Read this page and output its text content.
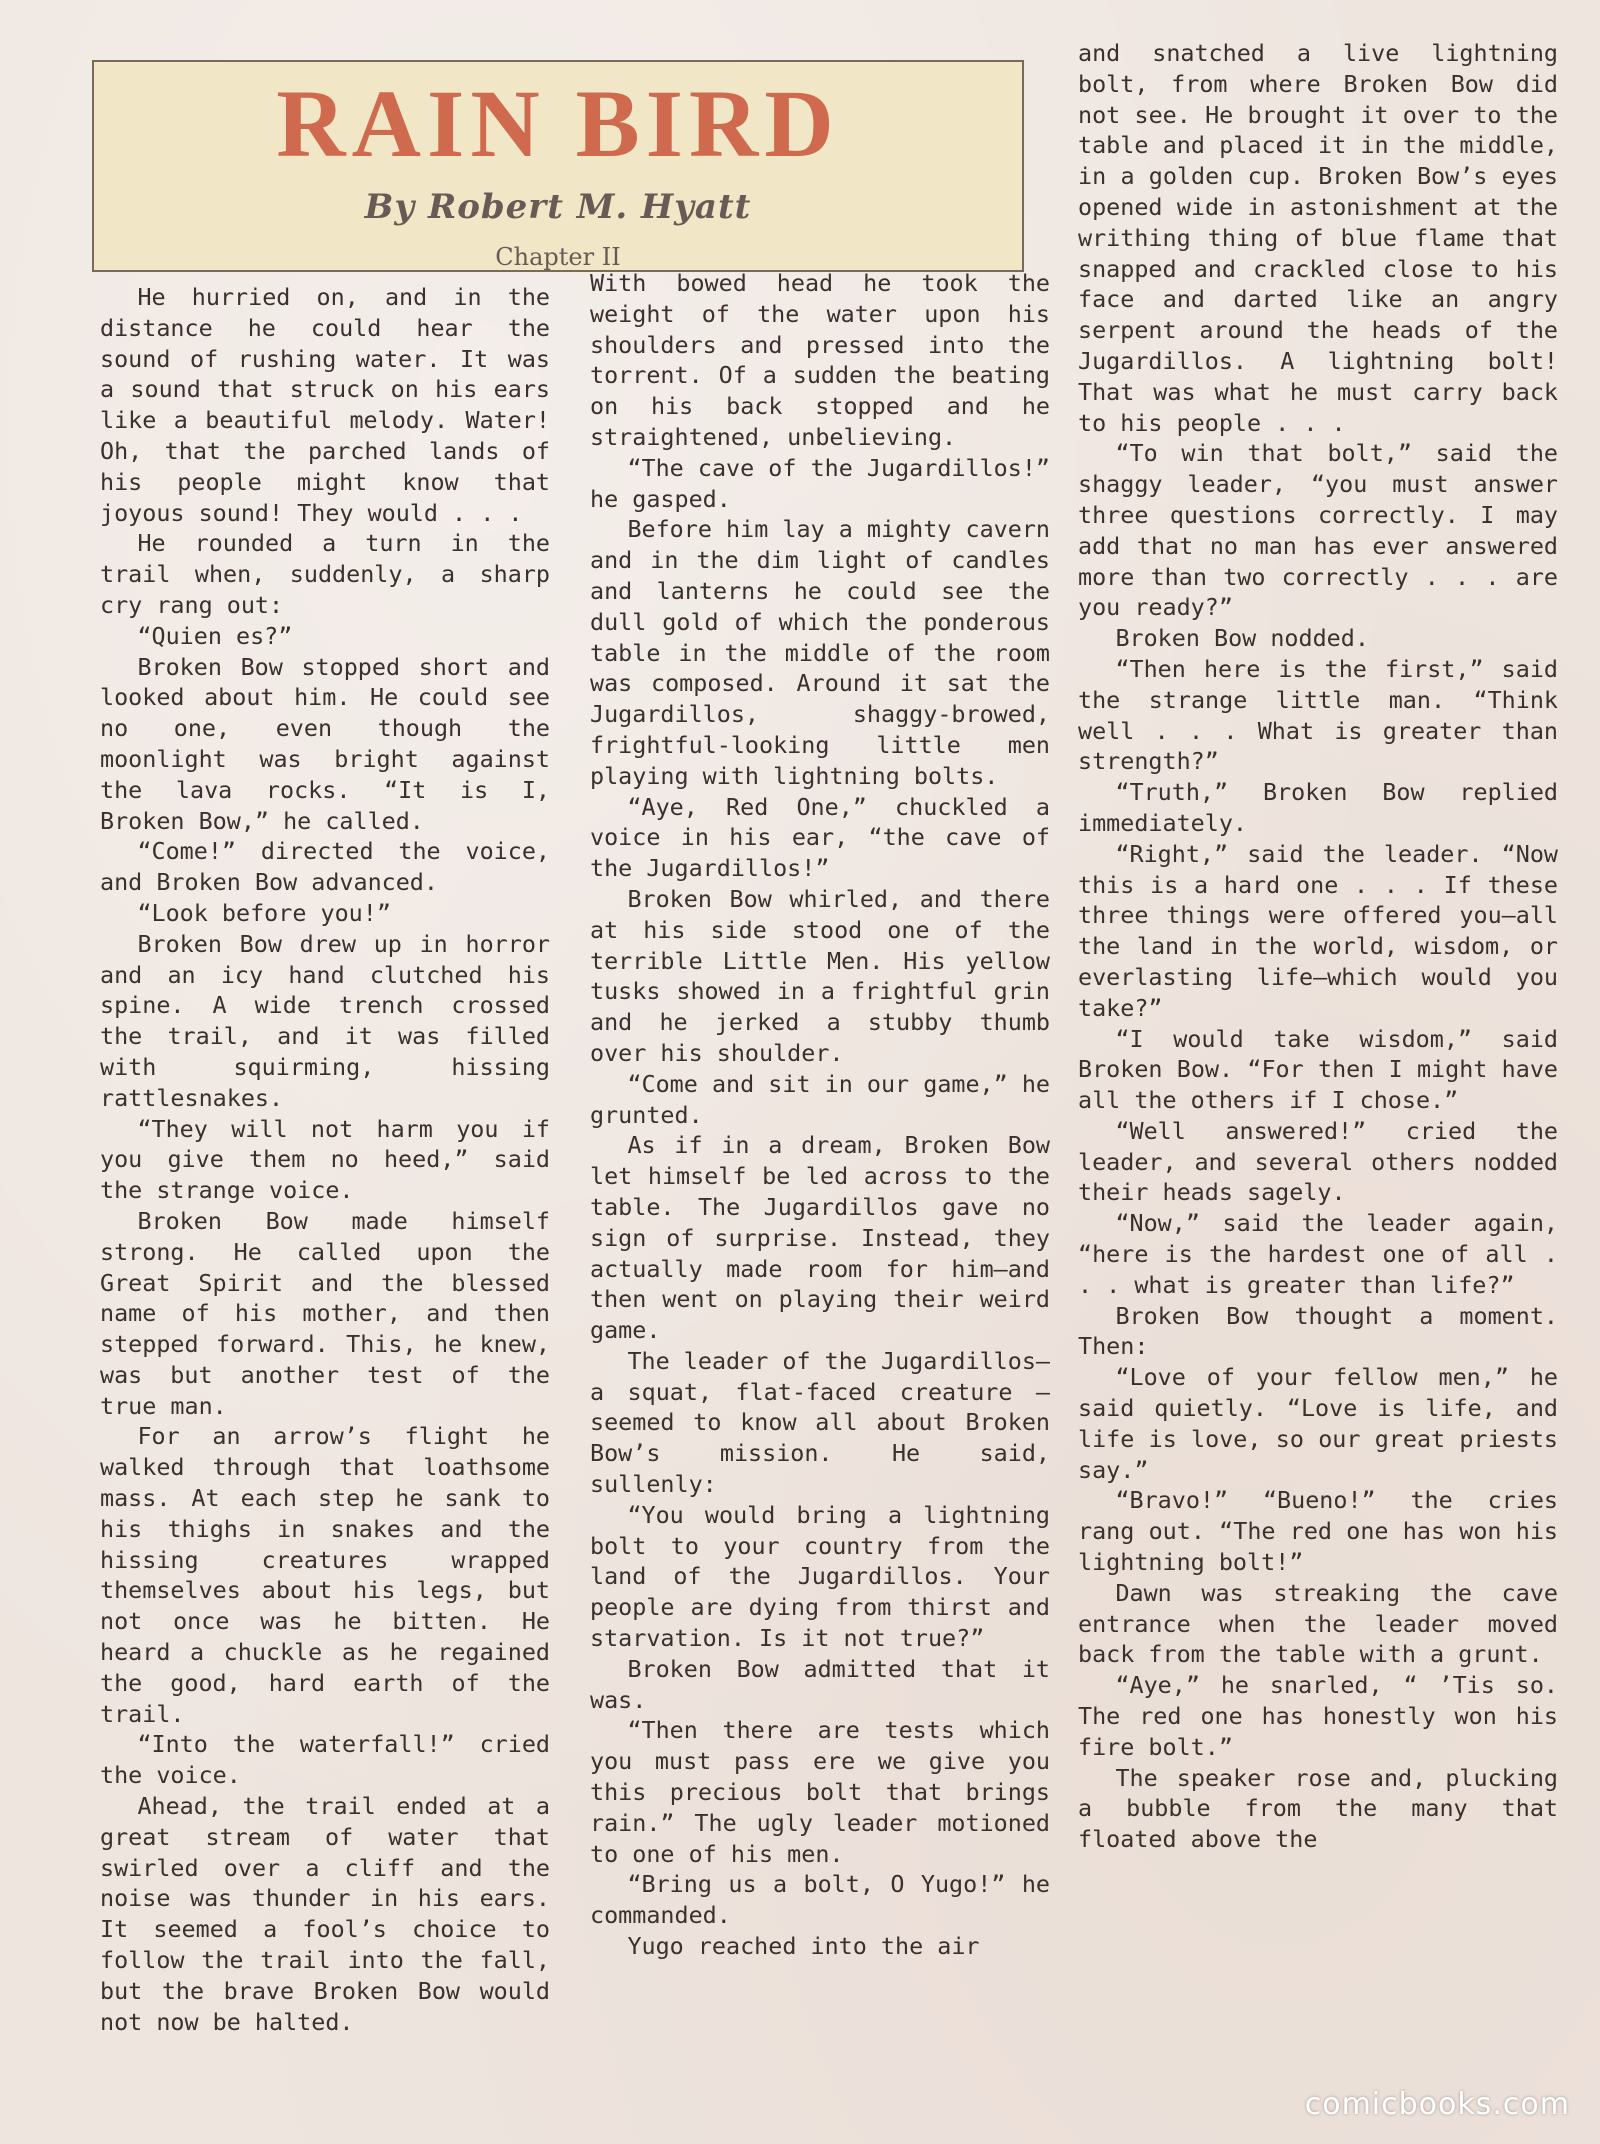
RAIN BIRD
By Robert M. Hyatt
Chapter II

He hurried on, and in the distance he could hear the sound of rushing water. It was a sound that struck on his ears like a beautiful melody. Water! Oh, that the parched lands of his people might know that joyous sound! They would . . .

He rounded a turn in the trail when, suddenly, a sharp cry rang out:

“Quien es?”

Broken Bow stopped short and looked about him. He could see no one, even though the moonlight was bright against the lava rocks. “It is I, Broken Bow,” he called.

“Come!” directed the voice, and Broken Bow advanced.

“Look before you!”

Broken Bow drew up in horror and an icy hand clutched his spine. A wide trench crossed the trail, and it was filled with squirming, hissing rattlesnakes.

“They will not harm you if you give them no heed,” said the strange voice.

Broken Bow made himself strong. He called upon the Great Spirit and the blessed name of his mother, and then stepped forward. This, he knew, was but another test of the true man.

For an arrow’s flight he walked through that loathsome mass. At each step he sank to his thighs in snakes and the hissing creatures wrapped themselves about his legs, but not once was he bitten. He heard a chuckle as he regained the good, hard earth of the trail.

“Into the waterfall!” cried the voice.

Ahead, the trail ended at a great stream of water that swirled over a cliff and the noise was thunder in his ears. It seemed a fool’s choice to follow the trail into the fall, but the brave Broken Bow would not now be halted.

With bowed head he took the weight of the water upon his shoulders and pressed into the torrent. Of a sudden the beating on his back stopped and he straightened, unbelieving.

“The cave of the Jugardillos!” he gasped.

Before him lay a mighty cavern and in the dim light of candles and lanterns he could see the dull gold of which the ponderous table in the middle of the room was composed. Around it sat the Jugardillos, shaggy-browed, frightful-looking little men playing with lightning bolts.

“Aye, Red One,” chuckled a voice in his ear, “the cave of the Jugardillos!”

Broken Bow whirled, and there at his side stood one of the terrible Little Men. His yellow tusks showed in a frightful grin and he jerked a stubby thumb over his shoulder.

“Come and sit in our game,” he grunted.

As if in a dream, Broken Bow let himself be led across to the table. The Jugardillos gave no sign of surprise. Instead, they actually made room for him—and then went on playing their weird game.

The leader of the Jugardillos—a squat, flat-faced creature — seemed to know all about Broken Bow’s mission. He said, sullenly:

“You would bring a lightning bolt to your country from the land of the Jugardillos. Your people are dying from thirst and starvation. Is it not true?”

Broken Bow admitted that it was.

“Then there are tests which you must pass ere we give you this precious bolt that brings rain.” The ugly leader motioned to one of his men.

“Bring us a bolt, O Yugo!” he commanded.

Yugo reached into the air

and snatched a live lightning bolt, from where Broken Bow did not see. He brought it over to the table and placed it in the middle, in a golden cup. Broken Bow’s eyes opened wide in astonishment at the writhing thing of blue flame that snapped and crackled close to his face and darted like an angry serpent around the heads of the Jugardillos. A lightning bolt! That was what he must carry back to his people . . .

“To win that bolt,” said the shaggy leader, “you must answer three questions correctly. I may add that no man has ever answered more than two correctly . . . are you ready?”

Broken Bow nodded.

“Then here is the first,” said the strange little man. “Think well . . . What is greater than strength?”

“Truth,” Broken Bow replied immediately.

“Right,” said the leader. “Now this is a hard one . . . If these three things were offered you—all the land in the world, wisdom, or everlasting life—which would you take?”

“I would take wisdom,” said Broken Bow. “For then I might have all the others if I chose.”

“Well answered!” cried the leader, and several others nodded their heads sagely.

“Now,” said the leader again, “here is the hardest one of all . . . what is greater than life?”

Broken Bow thought a moment. Then:

“Love of your fellow men,” he said quietly. “Love is life, and life is love, so our great priests say.”

“Bravo!” “Bueno!” the cries rang out. “The red one has won his lightning bolt!”

Dawn was streaking the cave entrance when the leader moved back from the table with a grunt.

“Aye,” he snarled, “ ’Tis so. The red one has honestly won his fire bolt.”

The speaker rose and, plucking a bubble from the many that floated above the

comicbooks.com
